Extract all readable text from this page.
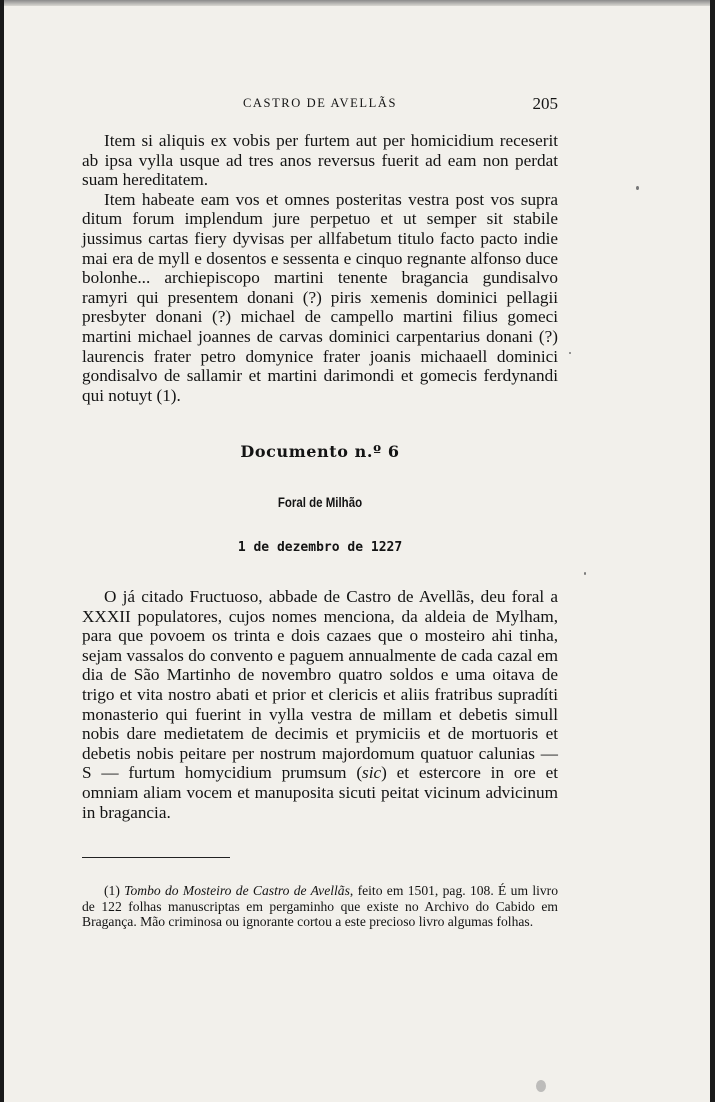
CASTRO DE AVELLÃS	205

Item si aliquis ex vobis per furtem aut per homicidium receserit ab ipsa vylla usque ad tres anos reversus fuerit ad eam non perdat suam hereditatem.

Item habeate eam vos et omnes posteritas vestra post vos supra ditum forum implendum jure perpetuo et ut semper sit stabile jussimus cartas fiery dyvisas per allfabetum titulo facto pacto indie mai era de myll e dosentos e sessenta e cinquo regnante alfonso duce bolonhe... archiepiscopo martini tenente bragancia gundisalvo ramyri qui presentem donani (?) piris xemenis dominici pellagii presbyter donani (?) michael de campello martini filius gomeci martini michael joannes de carvas dominici carpentarius donani (?) laurencis frater petro domynice frater joanis michaaell dominici gondisalvo de sallamir et martini darimondi et gomecis ferdynandi qui notuyt (1).

Documento n.º 6
Foral de Milhão
1 de dezembro de 1227

O já citado Fructuoso, abbade de Castro de Avellãs, deu foral a XXXII populatores, cujos nomes menciona, da aldeia de Mylham, para que povoem os trinta e dois cazaes que o mosteiro ahi tinha, sejam vassalos do convento e paguem annualmente de cada cazal em dia de São Martinho de novembro quatro soldos e uma oitava de trigo et vita nostro abati et prior et clericis et aliis fratribus supradíti monasterio qui fuerint in vylla vestra de millam et debetis simull nobis dare medietatem de decimis et prymiciis et de mortuoris et debetis nobis peitare per nostrum majordomum quatuor calunias — S — furtum homycidium prumsum (sic) et estercore in ore et omniam aliam vocem et manuposita sicuti peitat vicinum advicinum in bragancia.

(1) Tombo do Mosteiro de Castro de Avellãs, feito em 1501, pag. 108. É um livro de 122 folhas manuscriptas em pergaminho que existe no Archivo do Cabido em Bragança. Mão criminosa ou ignorante cortou a este precioso livro algumas folhas.
